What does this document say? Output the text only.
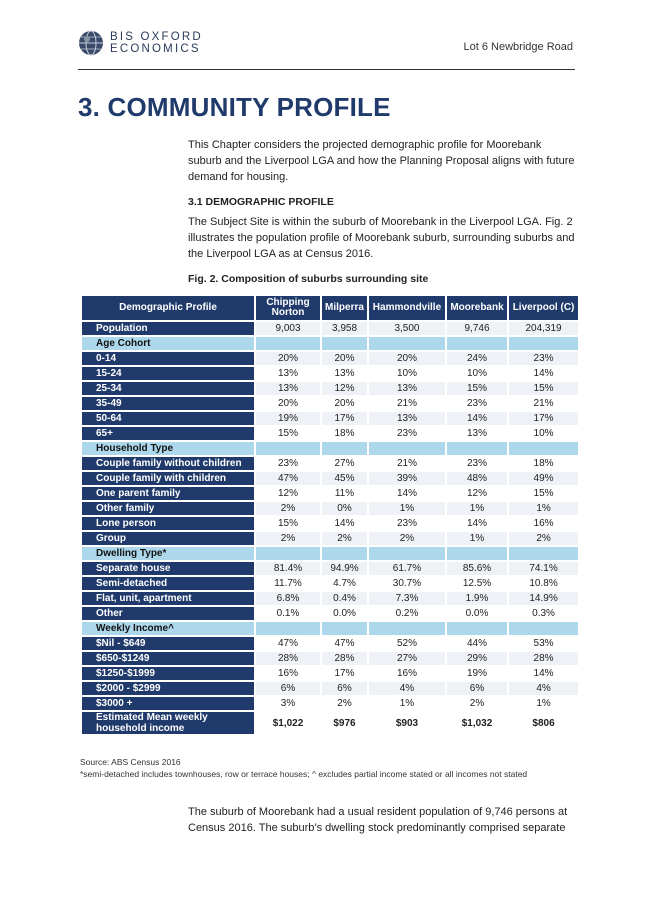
BIS OXFORD
ECONOMICS	Lot 6 Newbridge Road
3. COMMUNITY PROFILE
This Chapter considers the projected demographic profile for Moorebank suburb and the Liverpool LGA and how the Planning Proposal aligns with future demand for housing.
3.1 DEMOGRAPHIC PROFILE
The Subject Site is within the suburb of Moorebank in the Liverpool LGA. Fig. 2 illustrates the population profile of Moorebank suburb, surrounding suburbs and the Liverpool LGA as at Census 2016.
Fig. 2. Composition of suburbs surrounding site
Demographic Profile	Chipping Norton	Milperra	Hammondville	Moorebank	Liverpool (C)
Population	9,003	3,958	3,500	9,746	204,319
Age Cohort					
0-14	20%	20%	20%	24%	23%
15-24	13%	13%	10%	10%	14%
25-34	13%	12%	13%	15%	15%
35-49	20%	20%	21%	23%	21%
50-64	19%	17%	13%	14%	17%
65+	15%	18%	23%	13%	10%
Household Type					
Couple family without children	23%	27%	21%	23%	18%
Couple family with children	47%	45%	39%	48%	49%
One parent family	12%	11%	14%	12%	15%
Other family	2%	0%	1%	1%	1%
Lone person	15%	14%	23%	14%	16%
Group	2%	2%	2%	1%	2%
Dwelling Type*					
Separate house	81.4%	94.9%	61.7%	85.6%	74.1%
Semi-detached	11.7%	4.7%	30.7%	12.5%	10.8%
Flat, unit, apartment	6.8%	0.4%	7.3%	1.9%	14.9%
Other	0.1%	0.0%	0.2%	0.0%	0.3%
Weekly Income^					
$Nil - $649	47%	47%	52%	44%	53%
$650-$1249	28%	28%	27%	29%	28%
$1250-$1999	16%	17%	16%	19%	14%
$2000 - $2999	6%	6%	4%	6%	4%
$3000 +	3%	2%	1%	2%	1%
Estimated Mean weekly household income	$1,022	$976	$903	$1,032	$806
Source: ABS Census 2016
*semi-detached includes townhouses, row or terrace houses; ^ excludes partial income stated or all incomes not stated
The suburb of Moorebank had a usual resident population of 9,746 persons at Census 2016. The suburb’s dwelling stock predominantly comprised separate
